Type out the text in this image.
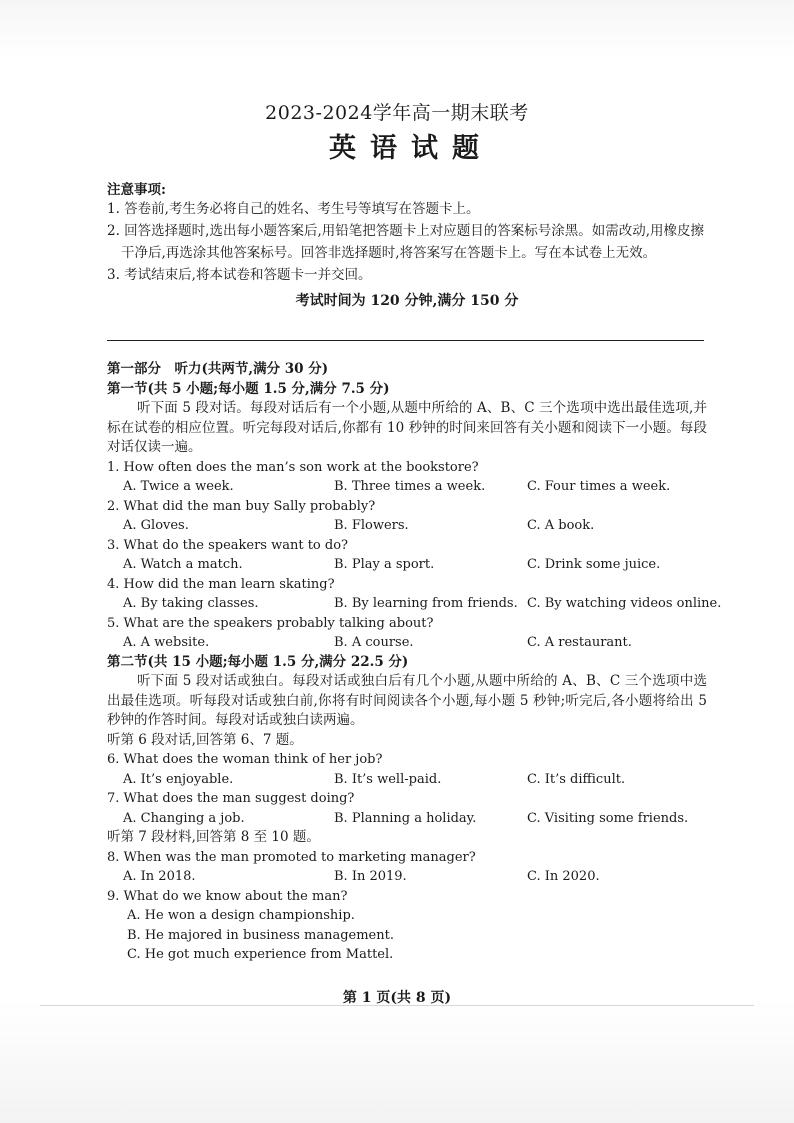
2023-2024学年高一期末联考
英语试题
注意事项:
1. 答卷前,考生务必将自己的姓名、考生号等填写在答题卡上。
2. 回答选择题时,选出每小题答案后,用铅笔把答题卡上对应题目的答案标号涂黑。如需改动,用橡皮擦干净后,再选涂其他答案标号。回答非选择题时,将答案写在答题卡上。写在本试卷上无效。
3. 考试结束后,将本试卷和答题卡一并交回。
考试时间为 120 分钟,满分 150 分
第一部分　听力(共两节,满分 30 分)
第一节(共 5 小题;每小题 1.5 分,满分 7.5 分)
听下面 5 段对话。每段对话后有一个小题,从题中所给的 A、B、C 三个选项中选出最佳选项,并标在试卷的相应位置。听完每段对话后,你都有 10 秒钟的时间来回答有关小题和阅读下一小题。每段对话仅读一遍。
1. How often does the man’s son work at the bookstore?
A. Twice a week.	B. Three times a week.	C. Four times a week.
2. What did the man buy Sally probably?
A. Gloves.	B. Flowers.	C. A book.
3. What do the speakers want to do?
A. Watch a match.	B. Play a sport.	C. Drink some juice.
4. How did the man learn skating?
A. By taking classes.	B. By learning from friends. C. By watching videos online.
5. What are the speakers probably talking about?
A. A website.	B. A course.	C. A restaurant.
第二节(共 15 小题;每小题 1.5 分,满分 22.5 分)
听下面 5 段对话或独白。每段对话或独白后有几个小题,从题中所给的 A、B、C 三个选项中选出最佳选项。听每段对话或独白前,你将有时间阅读各个小题,每小题 5 秒钟;听完后,各小题将给出 5 秒钟的作答时间。每段对话或独白读两遍。
听第 6 段对话,回答第 6、7 题。
6. What does the woman think of her job?
A. It’s enjoyable.	B. It’s well-paid.	C. It’s difficult.
7. What does the man suggest doing?
A. Changing a job.	B. Planning a holiday.	C. Visiting some friends.
听第 7 段材料,回答第 8 至 10 题。
8. When was the man promoted to marketing manager?
A. In 2018.	B. In 2019.	C. In 2020.
9. What do we know about the man?
A. He won a design championship.
B. He majored in business management.
C. He got much experience from Mattel.
第 1 页(共 8 页)
